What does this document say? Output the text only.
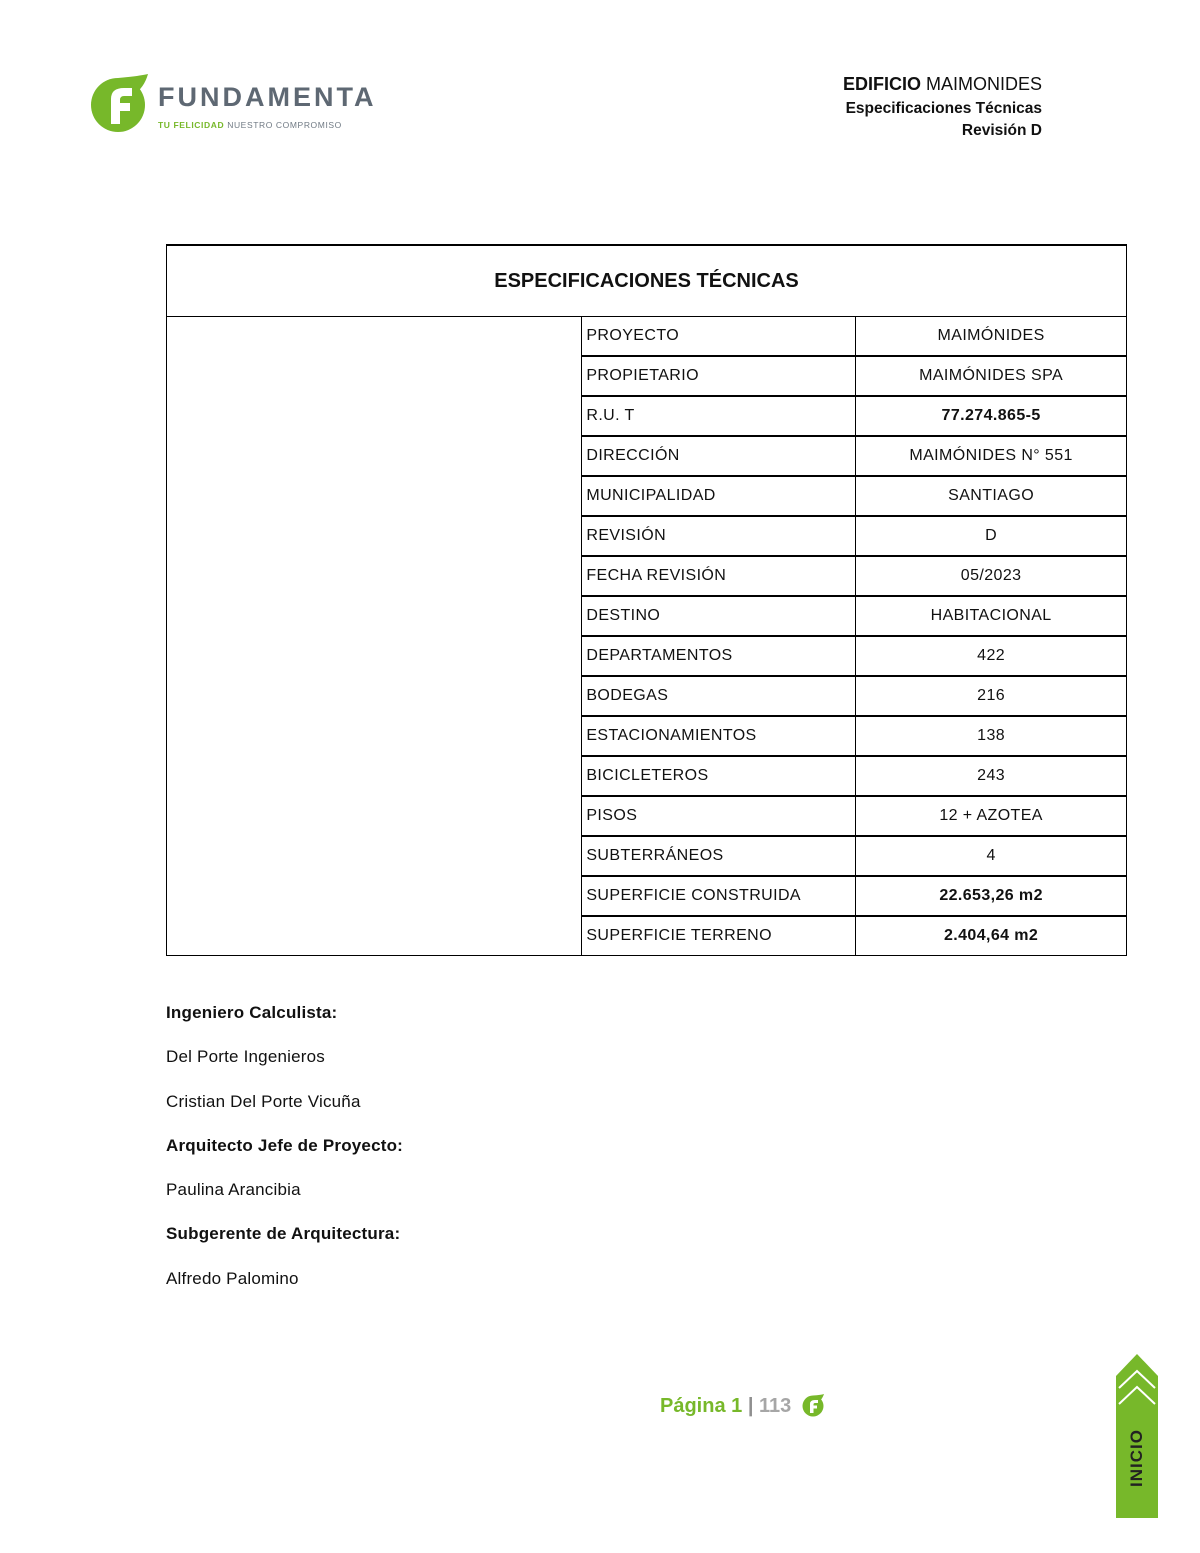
FUNDAMENTA
TU FELICIDAD NUESTRO COMPROMISO
EDIFICIO MAIMONIDES
Especificaciones Técnicas
Revisión D
ESPECIFICACIONES TÉCNICAS		
	PROYECTO	MAIMÓNIDES
	PROPIETARIO	MAIMÓNIDES SPA
	R.U. T	77.274.865-5
	DIRECCIÓN	MAIMÓNIDES N° 551
	MUNICIPALIDAD	SANTIAGO
	REVISIÓN	D
	FECHA REVISIÓN	05/2023
	DESTINO	HABITACIONAL
	DEPARTAMENTOS	422
	BODEGAS	216
	ESTACIONAMIENTOS	138
	BICICLETEROS	243
	PISOS	12 + AZOTEA
	SUBTERRÁNEOS	4
	SUPERFICIE CONSTRUIDA	22.653,26 m2
	SUPERFICIE TERRENO	2.404,64 m2

Ingeniero Calculista:

Del Porte Ingenieros

Cristian Del Porte Vicuña

Arquitecto Jefe de Proyecto:

Paulina Arancibia

Subgerente de Arquitectura:

Alfredo Palomino

Página 1 | 113
INICIO
